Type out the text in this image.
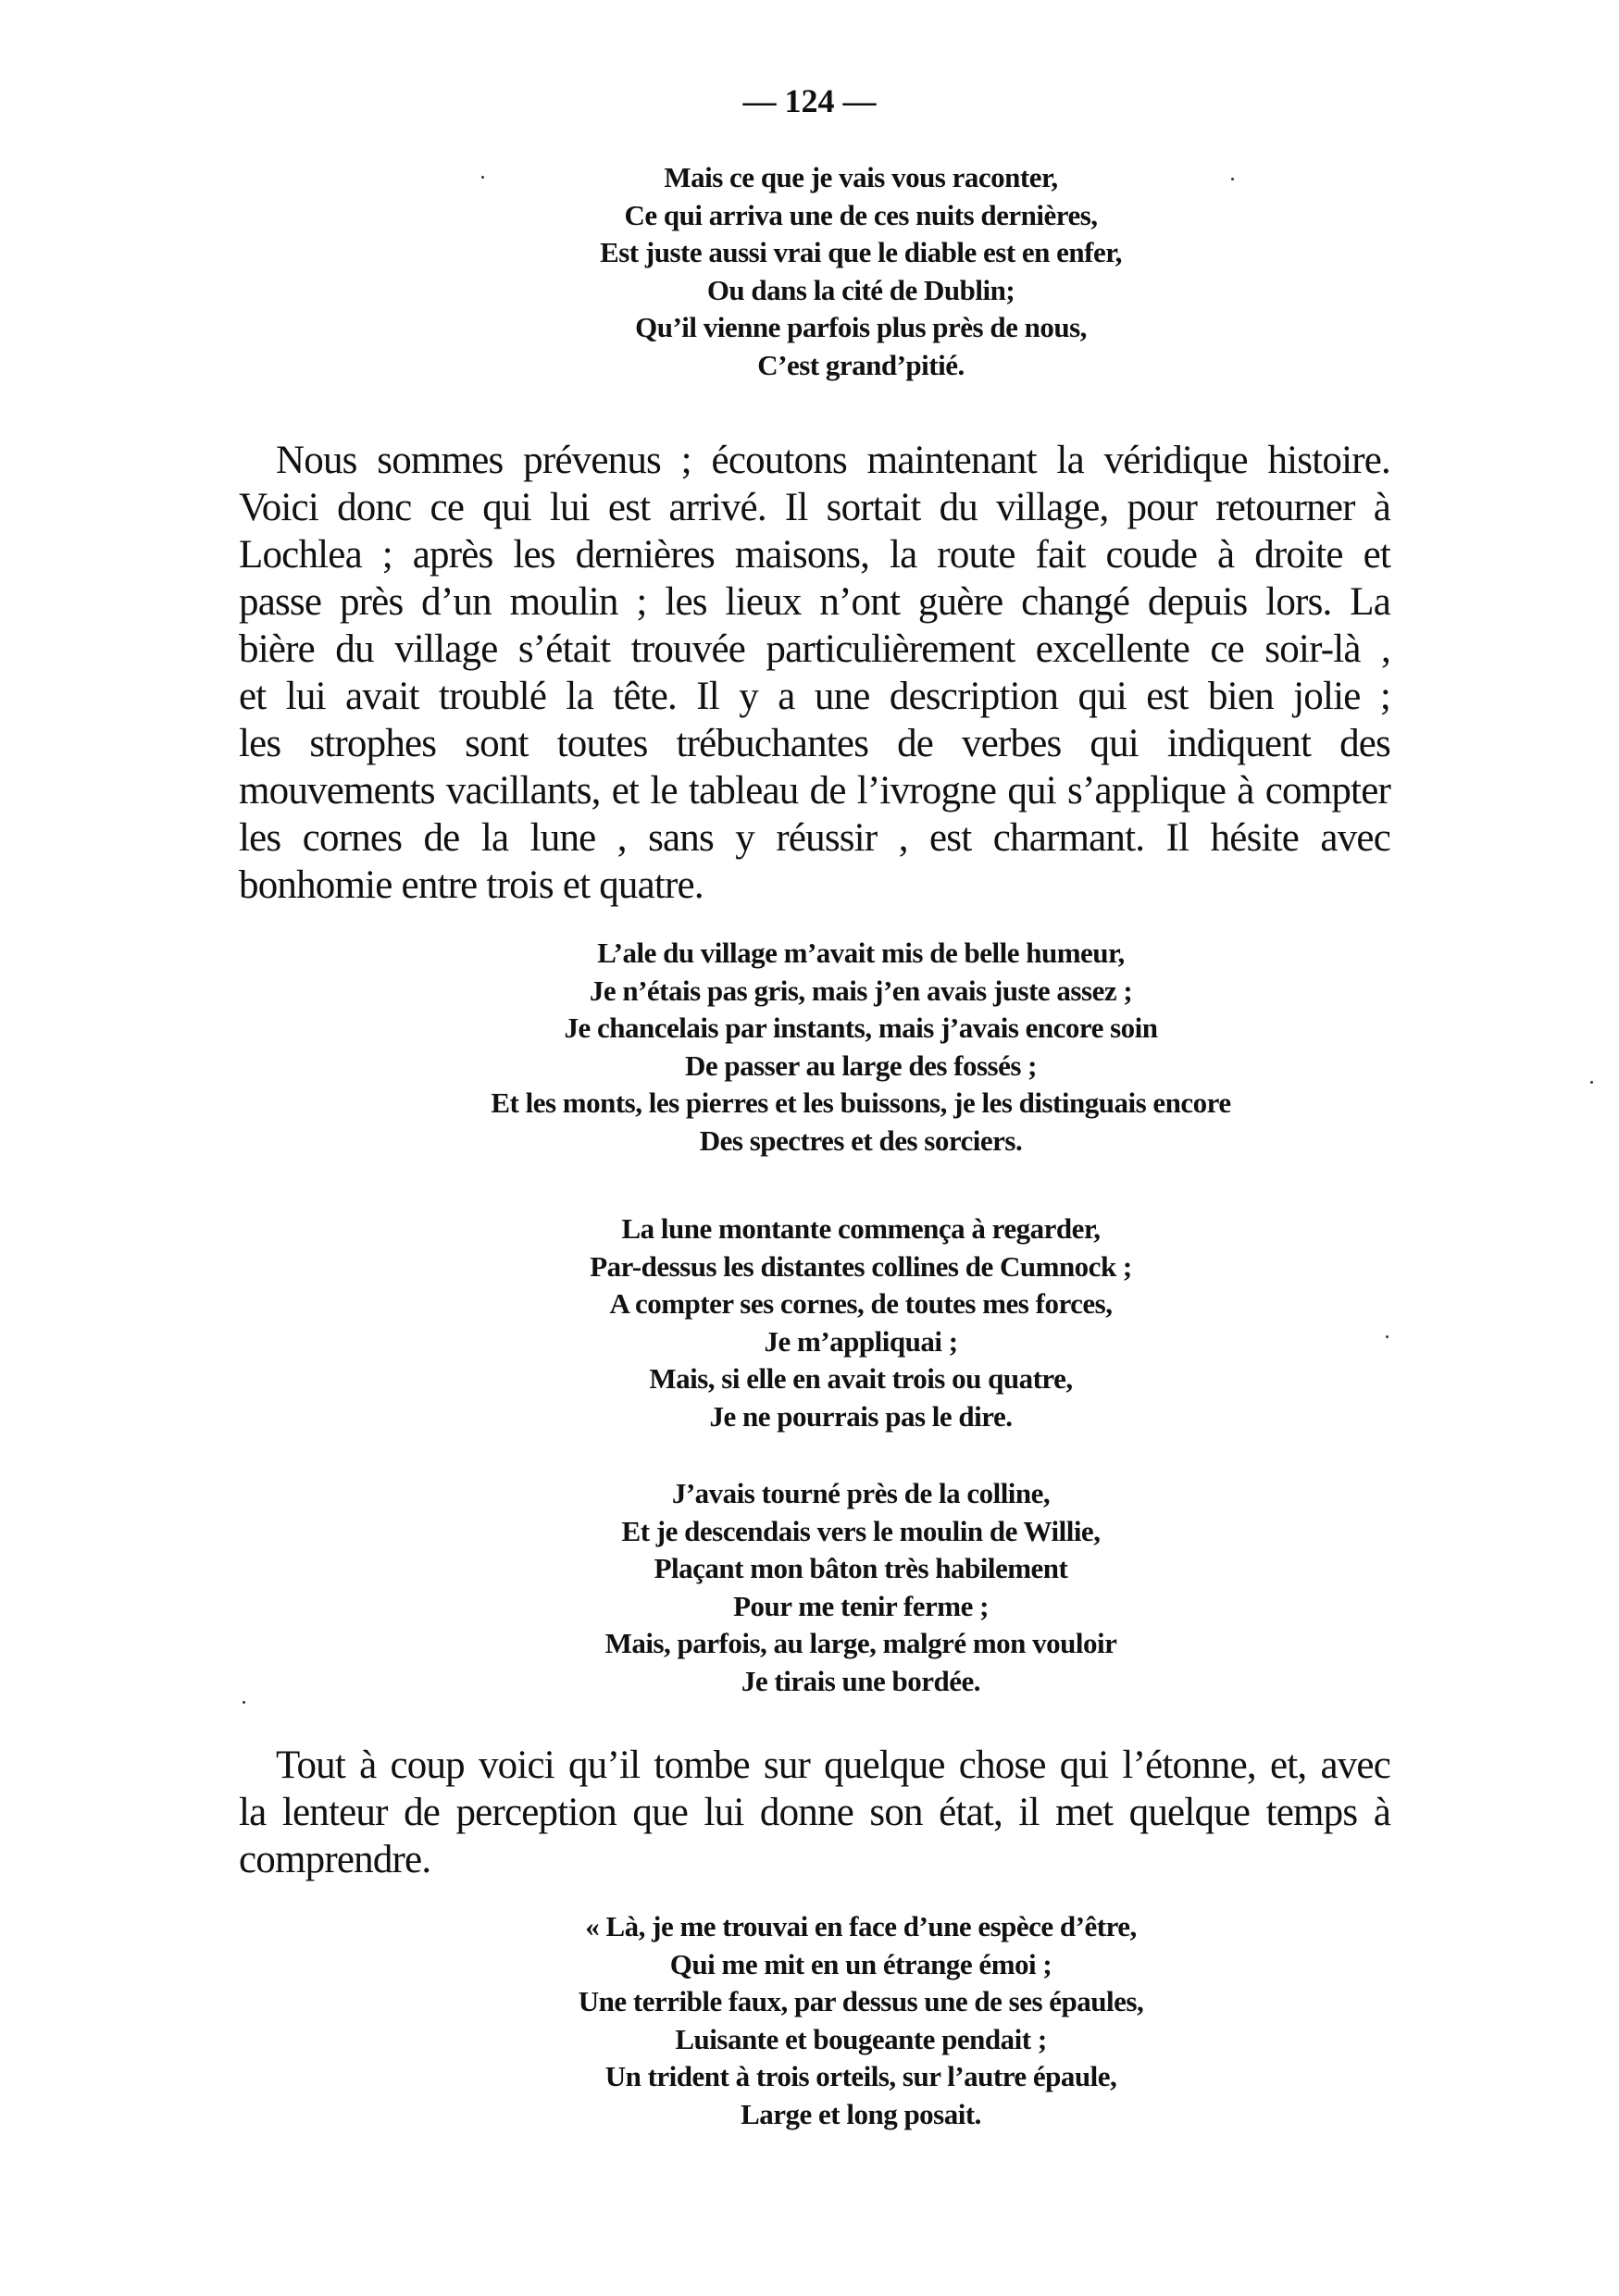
— 124 —
Mais ce que je vais vous raconter,
Ce qui arriva une de ces nuits dernières,
Est juste aussi vrai que le diable est en enfer,
Ou dans la cité de Dublin;
Qu’il vienne parfois plus près de nous,
C’est grand’pitié.
Nous sommes prévenus ; écoutons maintenant la véridique histoire.
Voici donc ce qui lui est arrivé. Il sortait du village, pour retourner à
Lochlea ; après les dernières maisons, la route fait coude à droite et
passe près d’un moulin ; les lieux n’ont guère changé depuis lors. La
bière du village s’était trouvée particulièrement excellente ce soir-là ,
et lui avait troublé la tête. Il y a une description qui est bien jolie ;
les strophes sont toutes trébuchantes de verbes qui indiquent des
mouvements vacillants, et le tableau de l’ivrogne qui s’applique à compter
les cornes de la lune , sans y réussir , est charmant. Il hésite avec
bonhomie entre trois et quatre.
L’ale du village m’avait mis de belle humeur,
Je n’étais pas gris, mais j’en avais juste assez ;
Je chancelais par instants, mais j’avais encore soin
De passer au large des fossés ;
Et les monts, les pierres et les buissons, je les distinguais encore
Des spectres et des sorciers.
La lune montante commença à regarder,
Par-dessus les distantes collines de Cumnock ;
A compter ses cornes, de toutes mes forces,
Je m’appliquai ;
Mais, si elle en avait trois ou quatre,
Je ne pourrais pas le dire.
J’avais tourné près de la colline,
Et je descendais vers le moulin de Willie,
Plaçant mon bâton très habilement
Pour me tenir ferme ;
Mais, parfois, au large, malgré mon vouloir
Je tirais une bordée.
Tout à coup voici qu’il tombe sur quelque chose qui l’étonne, et, avec
la lenteur de perception que lui donne son état, il met quelque temps à
comprendre.
« Là, je me trouvai en face d’une espèce d’être,
Qui me mit en un étrange émoi ;
Une terrible faux, par dessus une de ses épaules,
Luisante et bougeante pendait ;
Un trident à trois orteils, sur l’autre épaule,
Large et long posait.
